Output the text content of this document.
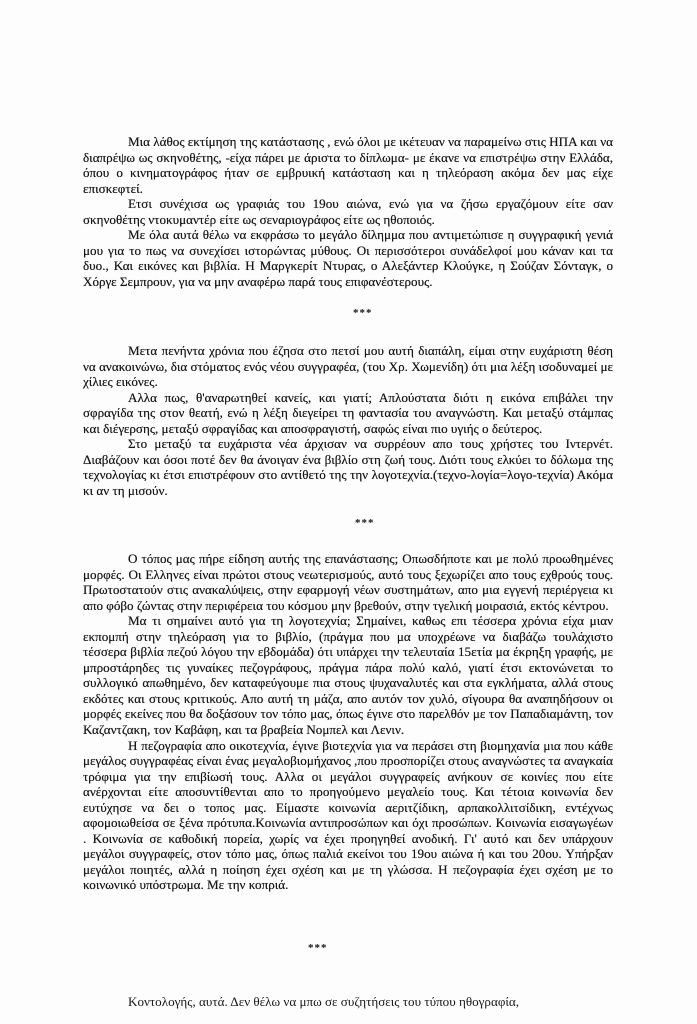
Μια λάθος εκτίμηση της κατάστασης , ενώ όλοι με ικέτευαν να παραμείνω στις ΗΠΑ και να διαπρέψω ως σκηνοθέτης, -είχα πάρει με άριστα το δίπλωμα- με έκανε να επιστρέψω στην Ελλάδα, όπου ο κινηματογράφος ήταν σε εμβρυική κατάσταση και η τηλεόραση ακόμα δεν μας είχε επισκεφτεί.

Ετσι συνέχισα ως γραφιάς του 19ου αιώνα, ενώ για να ζήσω εργαζόμουν είτε σαν σκηνοθέτης ντοκυμαντέρ είτε ως σεναριογράφος είτε ως ηθοποιός.

Με όλα αυτά θέλω να εκφράσω το μεγάλο δίλημμα που αντιμετώπισε η συγγραφική γενιά μου για το πως να συνεχίσει ιστορώντας μύθους. Οι περισσότεροι συνάδελφοί μου κάναν και τα δυο., Και εικόνες και βιβλία. Η Μαργκερίτ Ντυρας, ο Αλεξάντερ Κλούγκε, η Σούζαν Σόνταγκ, ο Χόργε Σεμπρουν, για να μην αναφέρω παρά τους επιφανέστερους.

***

Μετα πενήντα χρόνια που έζησα στο πετσί μου αυτή διαπάλη, είμαι στην ευχάριστη θέση να ανακοινώνω, δια στόματος ενός νέου συγγραφέα, (του Χρ. Χωμενίδη) ότι μια λέξη ισοδυναμεί με χίλιες εικόνες.

Αλλα πως, θ'αναρωτηθεί κανείς, και γιατί; Απλούστατα διότι η εικόνα επιβάλει την σφραγίδα της στον θεατή, ενώ η λέξη διεγείρει τη φαντασία του αναγνώστη. Και μεταξύ στάμπας και διέγερσης, μεταξύ σφραγίδας και αποσφραγιστή, σαφώς είναι πιο υγιής ο δεύτερος.

Στο μεταξύ τα ευχάριστα νέα άρχισαν να συρρέουν απο τους χρήστες του Ιντερνέτ. Διαβάζουν και όσοι ποτέ δεν θα άνοιγαν ένα βιβλίο στη ζωή τους. Διότι τους ελκύει το δόλωμα της τεχνολογίας κι έτσι επιστρέφουν στο αντίθετό της την λογοτεχνία.(τεχνο-λογία=λογο-τεχνία) Ακόμα κι αν τη μισούν.

***

Ο τόπος μας πήρε είδηση αυτής της επανάστασης; Οπωσδήποτε και με πολύ προωθημένες μορφές. Οι Ελληνες είναι πρώτοι στους νεωτερισμούς, αυτό τους ξεχωρίζει απο τους εχθρούς τους. Πρωτοστατούν στις ανακαλύψεις, στην εφαρμογή νέων συστημάτων, απο μια εγγενή περιέργεια κι απο φόβο ζώντας στην περιφέρεια του κόσμου μην βρεθούν, στην τγελική μοιρασιά, εκτός κέντρου.

Μα τι σημαίνει αυτό για τη λογοτεχνία; Σημαίνει, καθως επι τέσσερα χρόνια είχα μιαν εκπομπή στην τηλεόραση για το βιβλίο, (πράγμα που μα υποχρέωνε να διαβάζω τουλάχιστο τέσσερα βιβλία πεζού λόγου την εβδομάδα) ότι υπάρχει την τελευταία 15ετία μα έκρηξη γραφής, με μπροστάρηδες τις γυναίκες πεζογράφους, πράγμα πάρα πολύ καλό, γιατί έτσι εκτονώνεται το συλλογικό απωθημένο, δεν καταφεύγουμε πια στους ψυχαναλυτές και στα εγκλήματα, αλλά στους εκδότες και στους κριτικούς. Απο αυτή τη μάζα, απο αυτόν τον χυλό, σίγουρα θα αναπηδήσουν οι μορφές εκείνες που θα δοξάσουν τον τόπο μας, όπως έγινε στο παρελθόν με τον Παπαδιαμάντη, τον Καζαντζακη, τον Καβάφη, και τα βραβεία Νομπελ και Λενιν.

Η πεζογραφία απο οικοτεχνία, έγινε βιοτεχνία για να περάσει στη βιομηχανία μια που κάθε μεγάλος συγγραφέας είναι ένας μεγαλοβιομήχανος ,που προσπορίζει στους αναγνώστες τα αναγκαία τρόφιμα για την επιβίωσή τους. Αλλα οι μεγάλοι συγγραφείς ανήκουν σε κοινίες που είτε ανέρχονται είτε αποσυντίθενται απο το προηγούμενο μεγαλείο τους. Και τέτοια κοινωνία δεν ευτύχησε να δει ο τοπος μας. Είμαστε κοινωνία αεριτζίδικη, αρπακολλιτσίδικη, εντέχνως αφομοιωθείσα σε ξένα πρότυπα.Κοινωνία αντιπροσώπων και όχι προσώπων. Κοινωνία εισαγωγέων . Κοινωνία σε καθοδική πορεία, χωρίς να έχει προηγηθεί ανοδική. Γι' αυτό και δεν υπάρχουν μεγάλοι συγγραφείς, στον τόπο μας, όπως παλιά εκείνοι του 19ου αιώνα ή και του 20ου. Υπήρξαν μεγάλοι ποιητές, αλλά η ποίηση έχει σχέση και με τη γλώσσα. Η πεζογραφία έχει σχέση με το κοινωνικό υπόστρωμα. Με την κοπριά.

***
Κοντολογής, αυτά. Δεν θέλω να μπω σε συζητήσεις του τύπου ηθογραφία,
